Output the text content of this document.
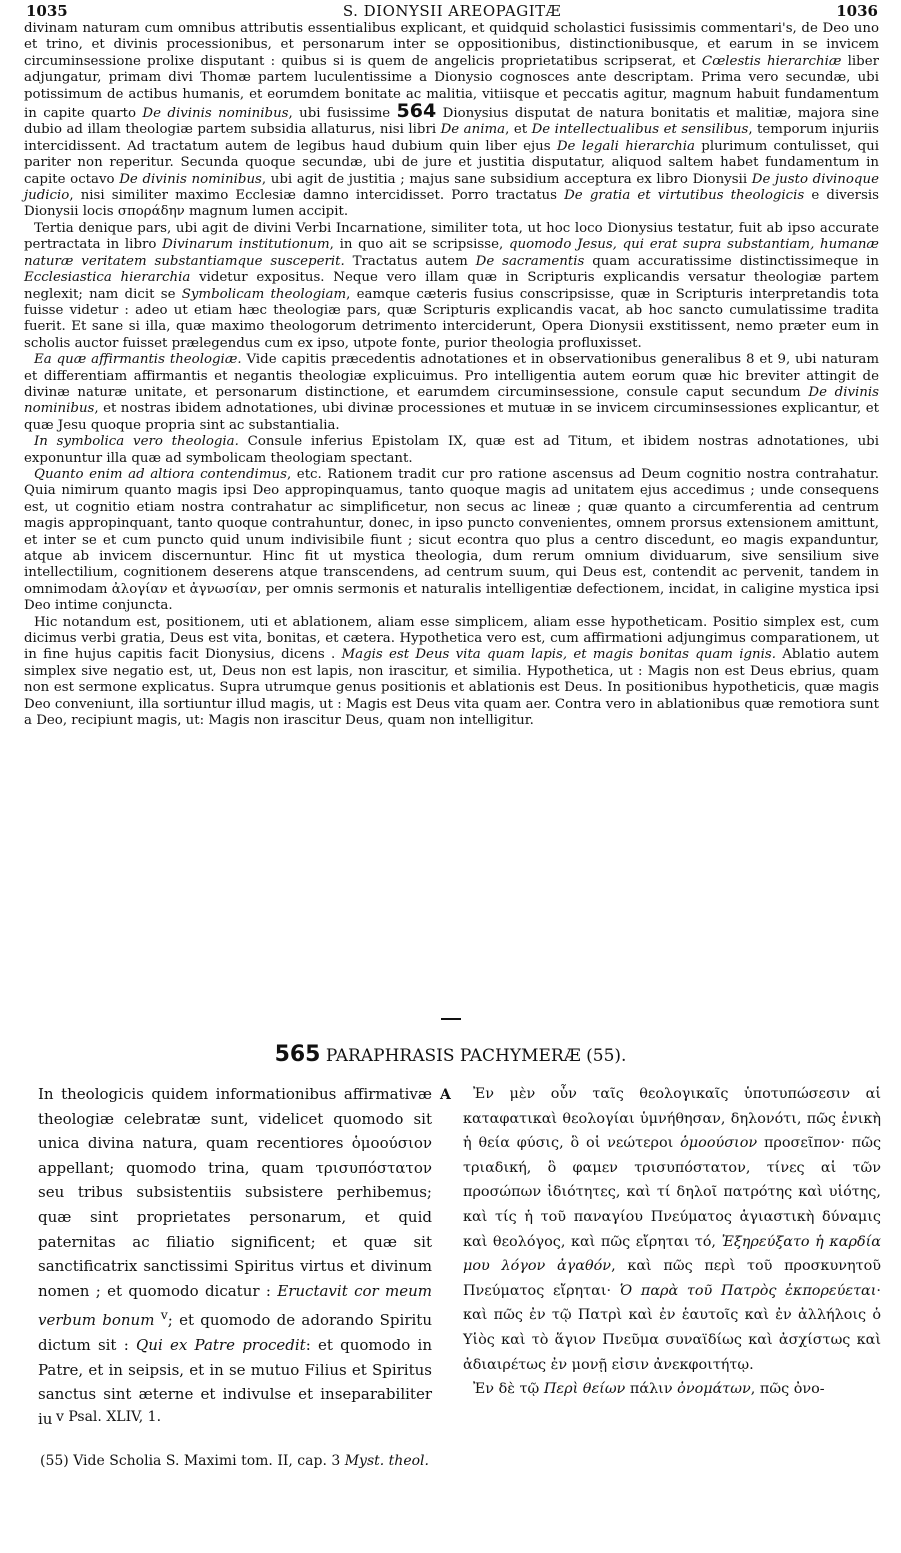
1035	S. DIONYSII AREOPAGITÆ	1036

divinam naturam cum omnibus attributis essentialibus explicant, et quidquid scholastici fusissimis commentari's, de Deo uno et trino, et divinis processionibus, et personarum inter se oppositionibus, distinctionibusque, et earum in se invicem circuminsessione prolixe disputant : quibus si is quem de angelicis proprietatibus scripserat, et Cœlestis hierarchiæ liber adjungatur, primam divi Thomæ partem luculentissime a Dionysio cognosces ante descriptam. Prima vero secundæ, ubi potissimum de actibus humanis, et eorumdem bonitate ac malitia, vitiisque et peccatis agitur, magnum habuit fundamentum in capite quarto De divinis nominibus, ubi fusissime 564 Dionysius disputat de natura bonitatis et malitiæ, majora sine dubio ad illam theologiæ partem subsidia allaturus, nisi libri De anima, et De intellectualibus et sensilibus, temporum injuriis intercidissent. Ad tractatum autem de legibus haud dubium quin liber ejus De legali hierarchia plurimum contulisset, qui pariter non reperitur. Secunda quoque secundæ, ubi de jure et justitia disputatur, aliquod saltem habet fundamentum in capite octavo De divinis nominibus, ubi agit de justitia ; majus sane subsidium acceptura ex libro Dionysii De justo divinoque judicio, nisi similiter maximo Ecclesiæ damno intercidisset. Porro tractatus De gratia et virtutibus theologicis e diversis Dionysii locis σποράδην magnum lumen accipit.

Tertia denique pars, ubi agit de divini Verbi Incarnatione, similiter tota, ut hoc loco Dionysius testatur, fuit ab ipso accurate pertractata in libro Divinarum institutionum, in quo ait se scripsisse, quomodo Jesus, qui erat supra substantiam, humanæ naturæ veritatem substantiamque susceperit. Tractatus autem De sacramentis quam accuratissime distinctissimeque in Ecclesiastica hierarchia videtur expositus. Neque vero illam quæ in Scripturis explicandis versatur theologiæ partem neglexit; nam dicit se Symbolicam theologiam, eamque cæteris fusius conscripsisse, quæ in Scripturis interpretandis tota fuisse videtur : adeo ut etiam hæc theologiæ pars, quæ Scripturis explicandis vacat, ab hoc sancto cumulatissime tradita fuerit. Et sane si illa, quæ maximo theologorum detrimento interciderunt, Opera Dionysii exstitissent, nemo præter eum in scholis auctor fuisset prælegendus cum ex ipso, utpote fonte, purior theologia profluxisset.

Ea quæ affirmantis theologiæ. Vide capitis præcedentis adnotationes et in observationibus generalibus 8 et 9, ubi naturam et differentiam affirmantis et negantis theologiæ explicuimus. Pro intelligentia autem eorum quæ hic breviter attingit de divinæ naturæ unitate, et personarum distinctione, et earumdem circuminsessione, consule caput secundum De divinis nominibus, et nostras ibidem adnotationes, ubi divinæ processiones et mutuæ in se invicem circuminsessiones explicantur, et quæ Jesu quoque propria sint ac substantialia.

In symbolica vero theologia. Consule inferius Epistolam IX, quæ est ad Titum, et ibidem nostras adnotationes, ubi exponuntur illa quæ ad symbolicam theologiam spectant.

Quanto enim ad altiora contendimus, etc. Rationem tradit cur pro ratione ascensus ad Deum cognitio nostra contrahatur. Quia nimirum quanto magis ipsi Deo appropinquamus, tanto quoque magis ad unitatem ejus accedimus ; unde consequens est, ut cognitio etiam nostra contrahatur ac simplificetur, non secus ac lineæ ; quæ quanto a circumferentia ad centrum magis appropinquant, tanto quoque contrahuntur, donec, in ipso puncto convenientes, omnem prorsus extensionem amittunt, et inter se et cum puncto quid unum indivisibile fiunt ; sicut econtra quo plus a centro discedunt, eo magis expanduntur, atque ab invicem discernuntur. Hinc fit ut mystica theologia, dum rerum omnium dividuarum, sive sensilium sive intellectilium, cognitionem deserens atque transcendens, ad centrum suum, qui Deus est, contendit ac pervenit, tandem in omnimodam ἀλογίαν et ἀγνωσίαν, per omnis sermonis et naturalis intelligentiæ defectionem, incidat, in caligine mystica ipsi Deo intime conjuncta.

Hic notandum est, positionem, uti et ablationem, aliam esse simplicem, aliam esse hypotheticam. Positio simplex est, cum dicimus verbi gratia, Deus est vita, bonitas, et cætera. Hypothetica vero est, cum affirmationi adjungimus comparationem, ut in fine hujus capitis facit Dionysius, dicens . Magis est Deus vita quam lapis, et magis bonitas quam ignis. Ablatio autem simplex sive negatio est, ut, Deus non est lapis, non irascitur, et similia. Hypothetica, ut : Magis non est Deus ebrius, quam non est sermone explicatus. Supra utrumque genus positionis et ablationis est Deus. In positionibus hypotheticis, quæ magis Deo conveniunt, illa sortiuntur illud magis, ut : Magis est Deus vita quam aer. Contra vero in ablationibus quæ remotiora sunt a Deo, recipiunt magis, ut: Magis non irascitur Deus, quam non intelligitur.

565 PARAPHRASIS PACHYMERÆ (55).

In theologicis quidem informationibus affirmativæ theologiæ celebratæ sunt, videlicet quomodo sit unica divina natura, quam recentiores ὁμοούσιον appellant; quomodo trina, quam τρισυπόστατον seu tribus subsistentiis subsistere perhibemus; quæ sint proprietates personarum, et quid paternitas ac filiatio significent; et quæ sit sanctificatrix sanctissimi Spiritus virtus et divinum nomen ; et quomodo dicatur : Eructavit cor meum verbum bonum $^v$; et quomodo de adorando Spiritu dictum sit : Qui ex Patre procedit: et quomodo in Patre, et in seipsis, et in se mutuo Filius et Spiritus sanctus sint æterne et indivulse et inseparabiliter iu

A	Ἐν μὲν οὖν ταῖς θεολογικαῖς ὑποτυπώσεσιν αἱ καταφατικαὶ θεολογίαι ὑμνήθησαν, δηλονότι, πῶς ἑνικὴ ἡ θεία φύσις, ὃ οἱ νεώτεροι ὁμοούσιον προσεῖπον· πῶς τριαδική, ὃ φαμεν τρισυπόστατον, τίνες αἱ τῶν προσώπων ἰδιότητες, καὶ τί δηλοῖ πατρότης καὶ υἱότης, καὶ τίς ἡ τοῦ παναγίου Πνεύματος ἁγιαστικὴ δύναμις καὶ θεολόγος, καὶ πῶς εἴρηται τό, Ἐξηρεύξατο ἡ καρδία μου λόγον ἀγαθόν, καὶ πῶς περὶ τοῦ προσκυνητοῦ Πνεύματος εἴρηται· Ὁ παρὰ τοῦ Πατρὸς ἐκπορεύεται· καὶ πῶς ἐν τῷ Πατρὶ καὶ ἐν ἑαυτοῖς καὶ ἐν ἀλλήλοις ὁ Υἱὸς καὶ τὸ ἅγιον Πνεῦμα συναϊδίως καὶ ἀσχίστως καὶ ἀδιαιρέτως ἐν μονῇ εἰσιν ἀνεκφοιτήτῳ.

Ἐν δὲ τῷ Περὶ θείων πάλιν ὀνομάτων, πῶς ὀνο-

v Psal. XLIV, 1.
(55) Vide Scholia S. Maximi tom. II, cap. 3 Myst. theol.
